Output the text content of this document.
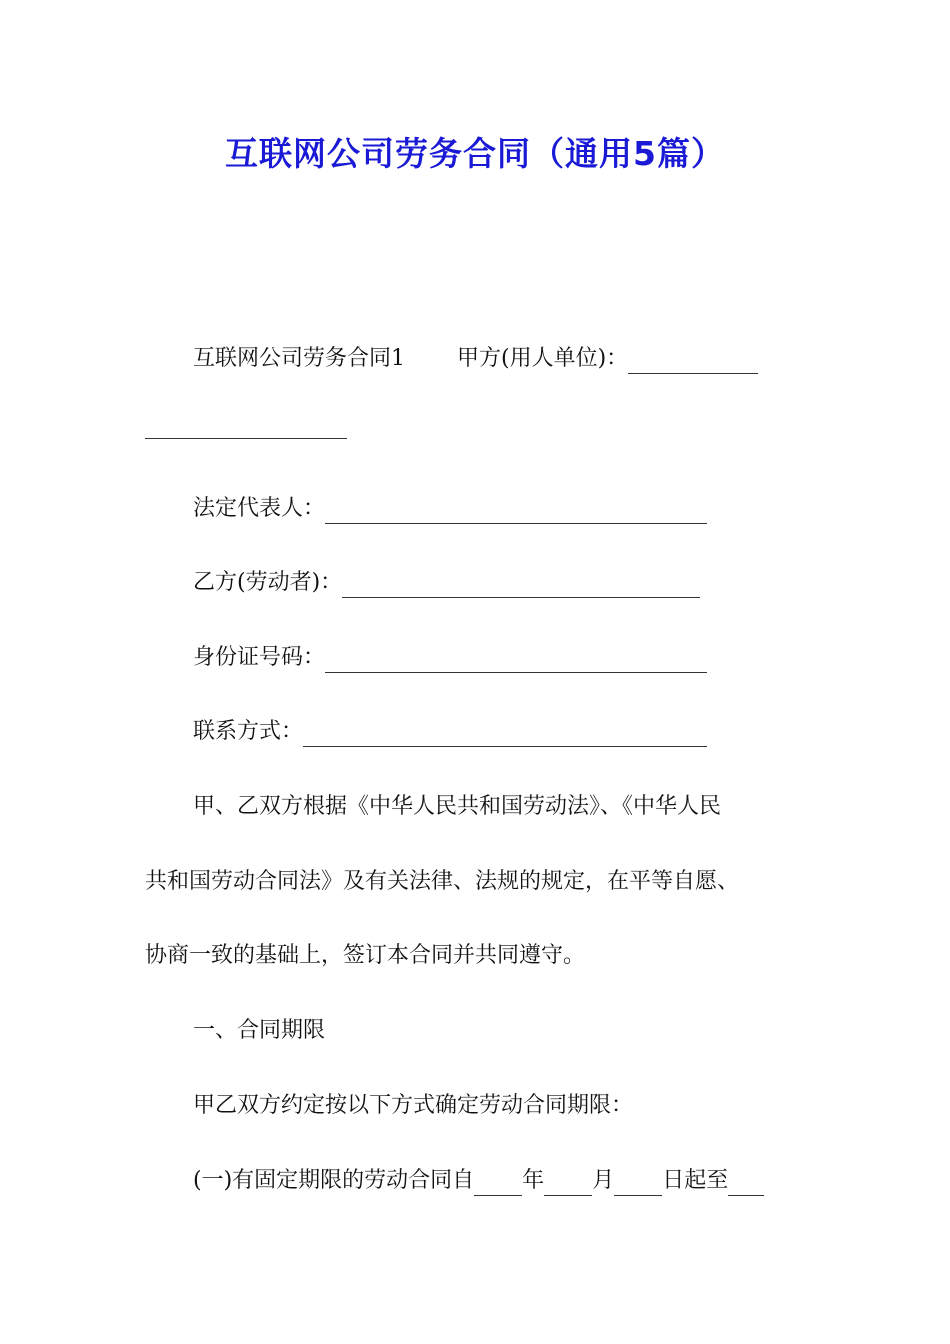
互联网公司劳务合同（通用5篇）
互联网公司劳务合同1 甲方(用人单位)：
法定代表人：
乙方(劳动者)：
身份证号码：
联系方式：
甲、乙双方根据《中华人民共和国劳动法》、《中华人民
共和国劳动合同法》及有关法律、法规的规定，在平等自愿、
协商一致的基础上，签订本合同并共同遵守。
一、合同期限
甲乙双方约定按以下方式确定劳动合同期限：
(一)有固定期限的劳动合同自 年 月 日起至
